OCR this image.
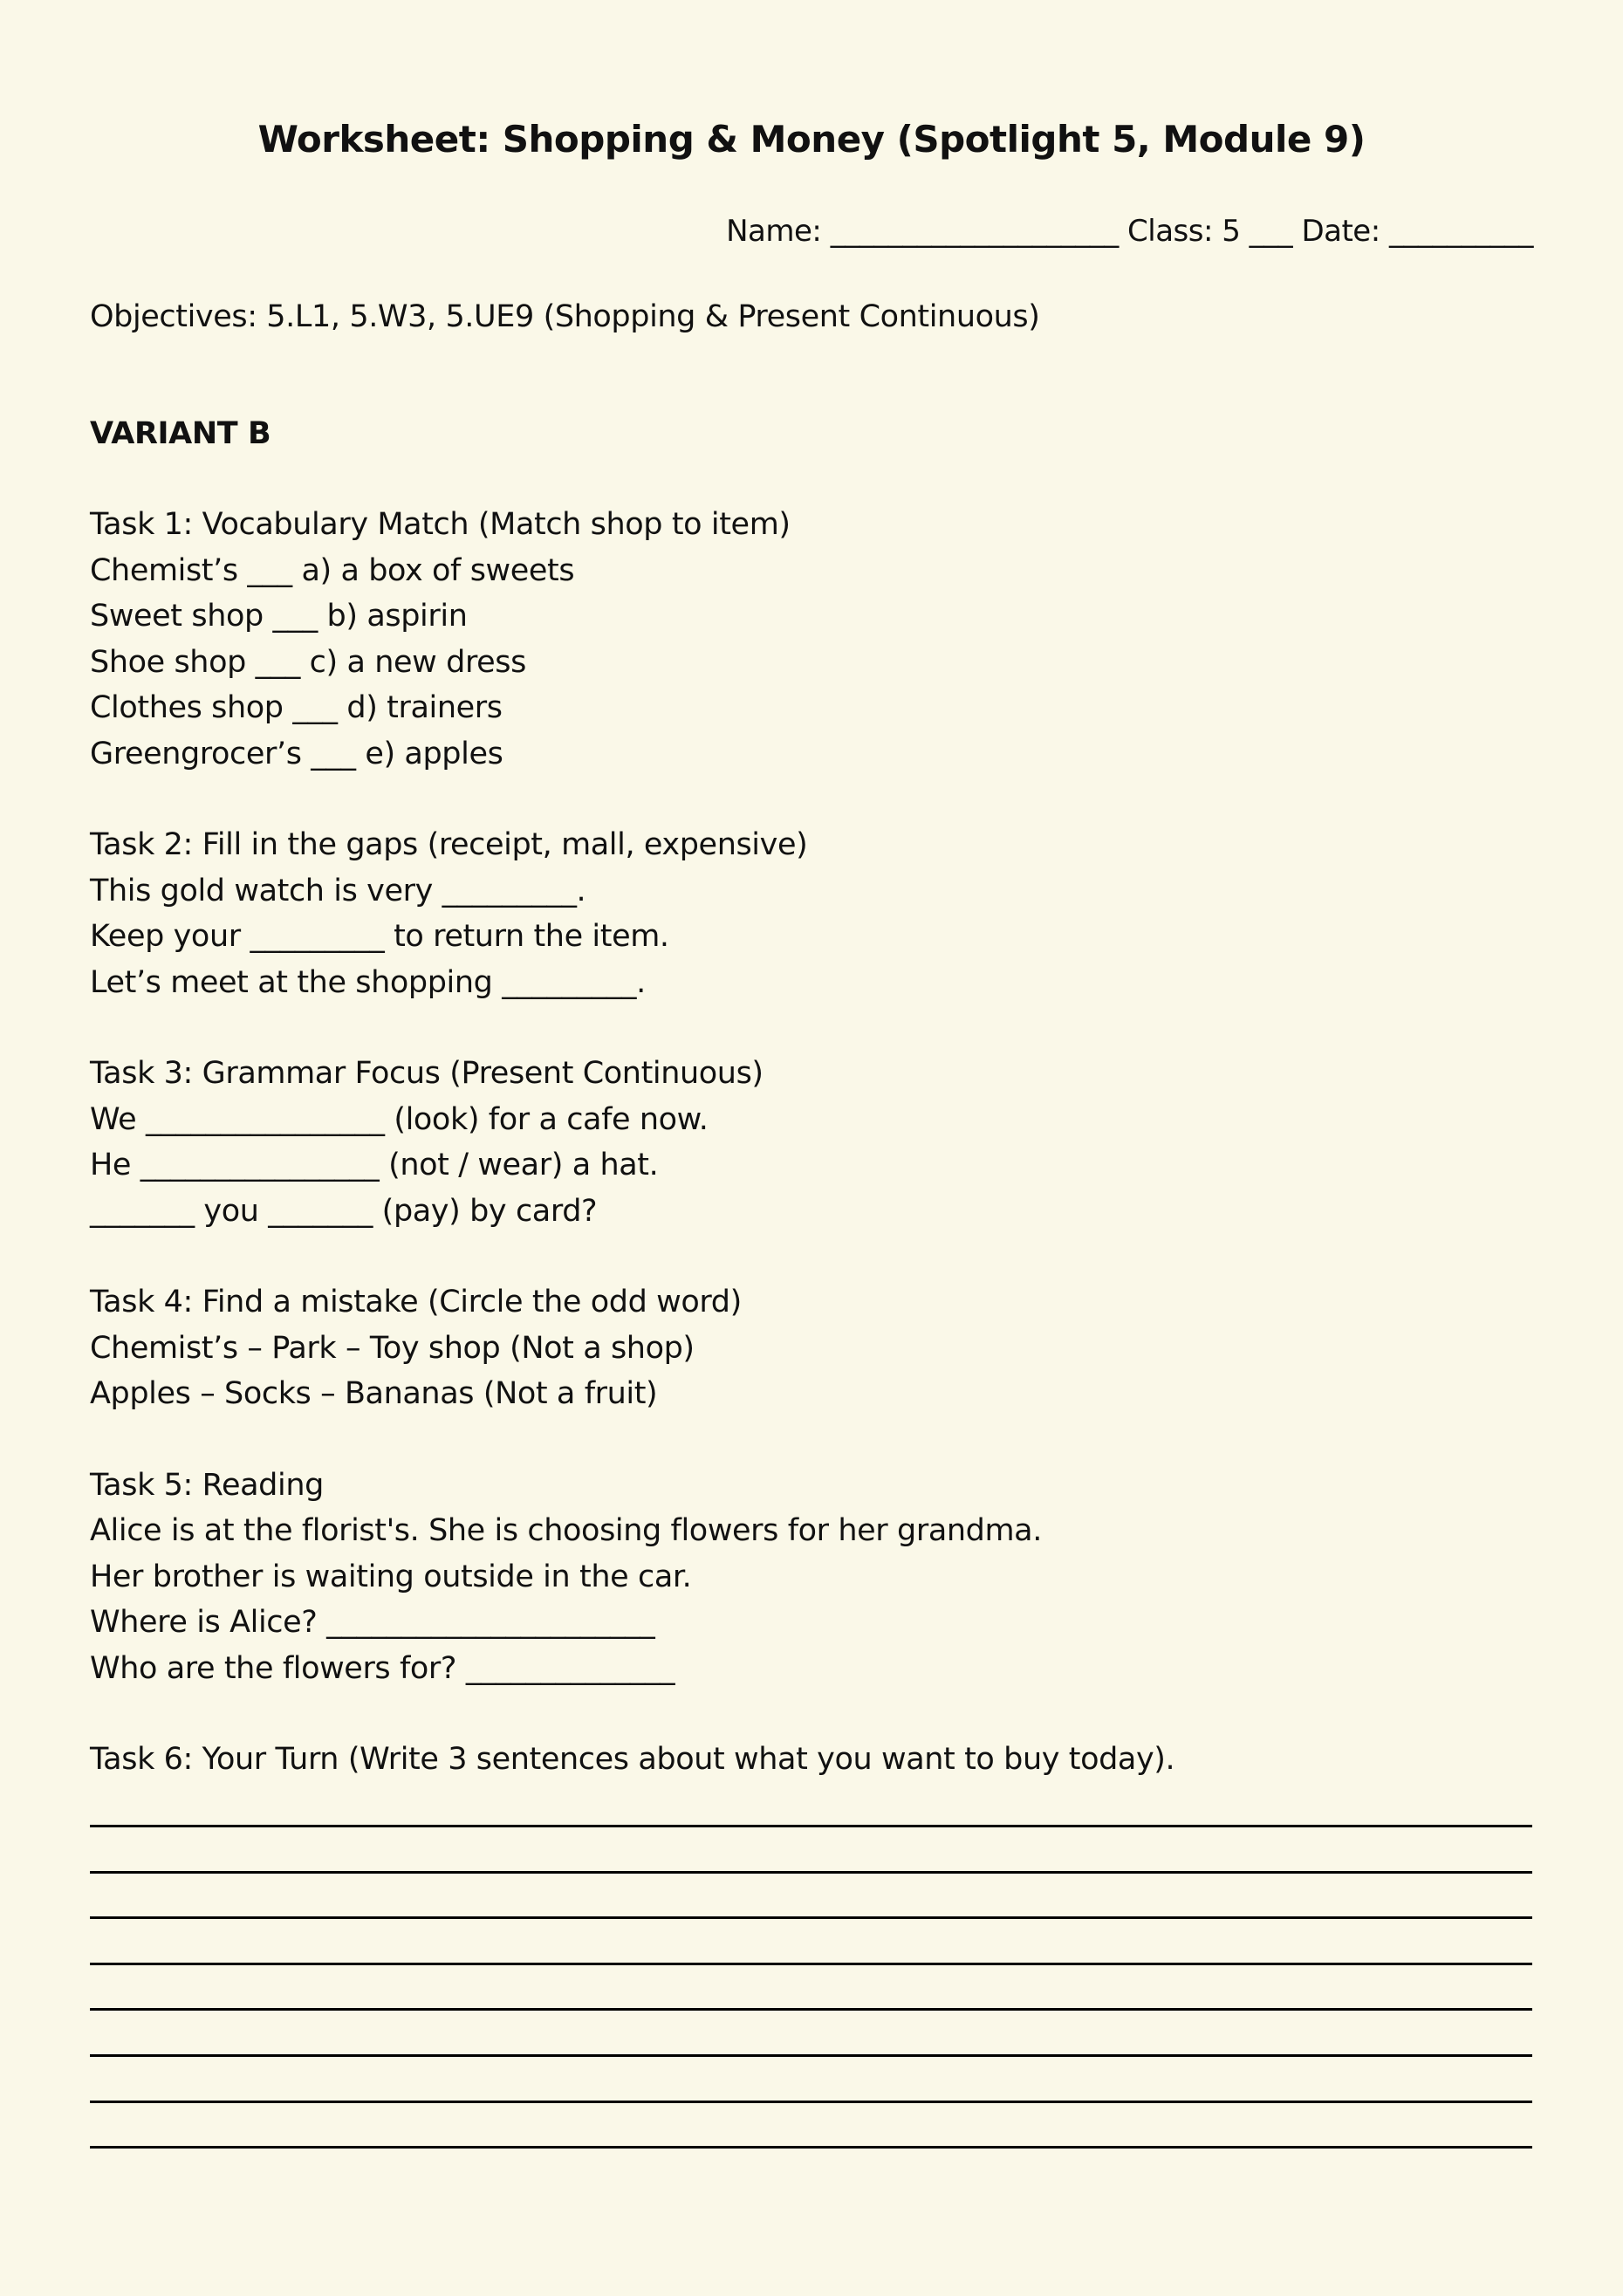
Worksheet: Shopping & Money (Spotlight 5, Module 9)
Name: ____________________ Class: 5 ___ Date: __________
Objectives: 5.L1, 5.W3, 5.UE9 (Shopping & Present Continuous)
VARIANT B
Task 1: Vocabulary Match (Match shop to item)
Chemist’s ___ a) a box of sweets
Sweet shop ___ b) aspirin
Shoe shop ___ c) a new dress
Clothes shop ___ d) trainers
Greengrocer’s ___ e) apples
Task 2: Fill in the gaps (receipt, mall, expensive)
This gold watch is very _________.
Keep your _________ to return the item.
Let’s meet at the shopping _________.
Task 3: Grammar Focus (Present Continuous)
We ________________ (look) for a cafe now.
He ________________ (not / wear) a hat.
_______ you _______ (pay) by card?
Task 4: Find a mistake (Circle the odd word)
Chemist’s – Park – Toy shop (Not a shop)
Apples – Socks – Bananas (Not a fruit)
Task 5: Reading
Alice is at the florist's. She is choosing flowers for her grandma.
Her brother is waiting outside in the car.
Where is Alice? ______________________
Who are the flowers for? ______________
Task 6: Your Turn (Write 3 sentences about what you want to buy today).
